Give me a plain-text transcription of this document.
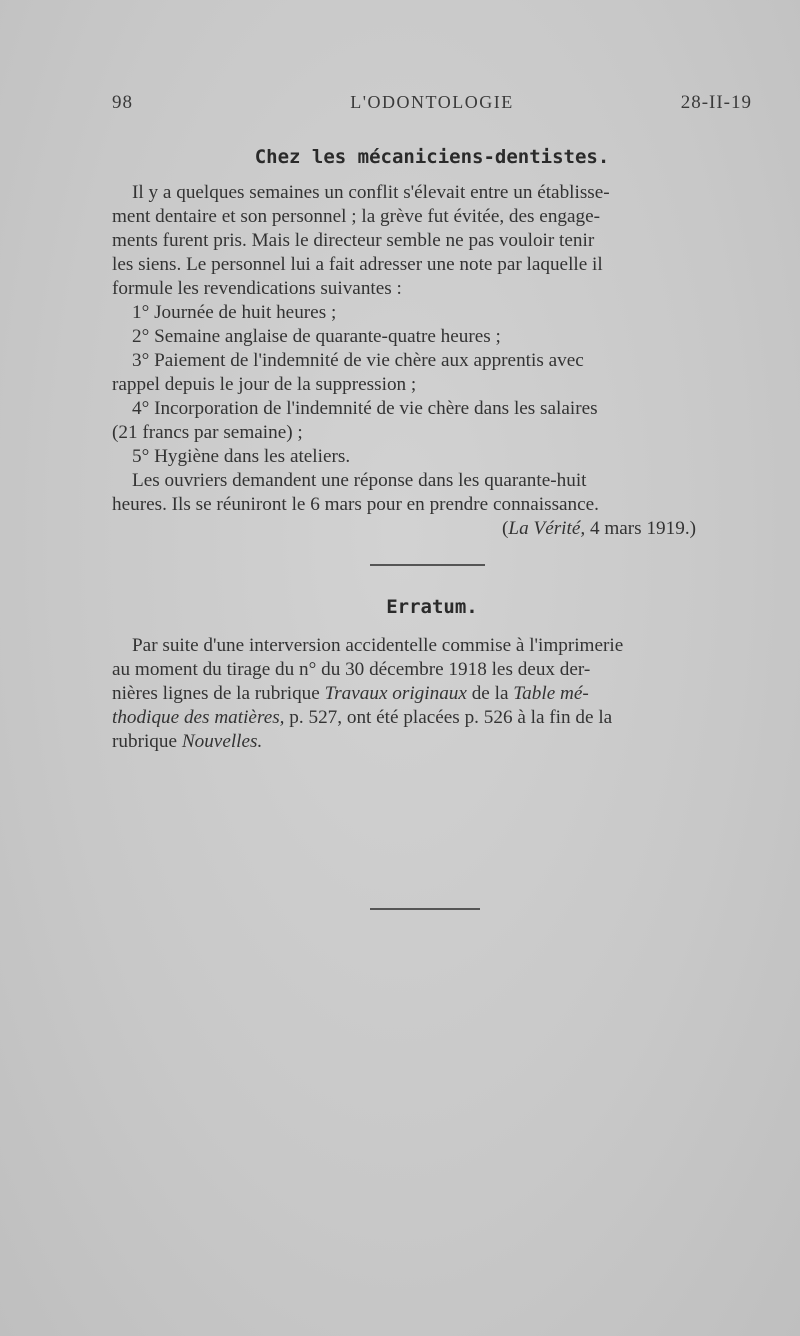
98	L'ODONTOLOGIE	28-II-19
Chez les mécaniciens-dentistes.
Il y a quelques semaines un conflit s'élevait entre un établisse-
ment dentaire et son personnel ; la grève fut évitée, des engage-
ments furent pris. Mais le directeur semble ne pas vouloir tenir
les siens. Le personnel lui a fait adresser une note par laquelle il
formule les revendications suivantes :
1° Journée de huit heures ;
2° Semaine anglaise de quarante-quatre heures ;
3° Paiement de l'indemnité de vie chère aux apprentis avec
rappel depuis le jour de la suppression ;
4° Incorporation de l'indemnité de vie chère dans les salaires
(21 francs par semaine) ;
5° Hygiène dans les ateliers.
Les ouvriers demandent une réponse dans les quarante-huit
heures. Ils se réuniront le 6 mars pour en prendre connaissance.
(La Vérité, 4 mars 1919.)
Erratum.
Par suite d'une interversion accidentelle commise à l'imprimerie
au moment du tirage du n° du 30 décembre 1918 les deux der-
nières lignes de la rubrique Travaux originaux de la Table mé-
thodique des matières, p. 527, ont été placées p. 526 à la fin de la
rubrique Nouvelles.
